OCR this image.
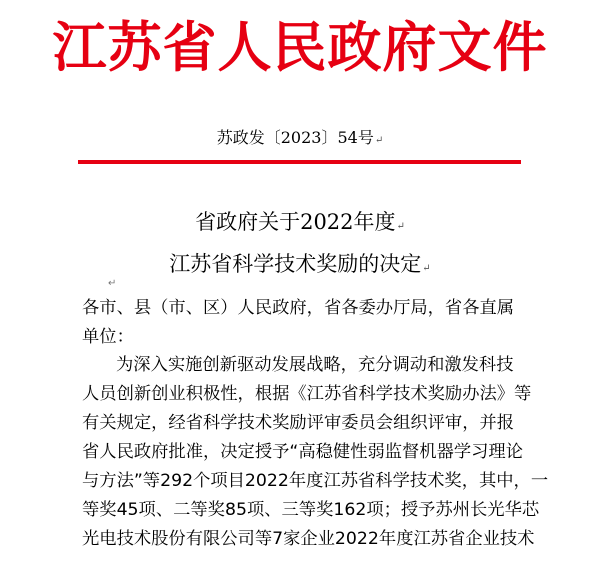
江苏省人民政府文件
苏政发〔2023〕54号↵
省政府关于2022年度↵
江苏省科学技术奖励的决定↵
↵
各市、县（市、区）人民政府，省各委办厅局，省各直属
单位：
为深入实施创新驱动发展战略，充分调动和激发科技
人员创新创业积极性，根据《江苏省科学技术奖励办法》等
有关规定，经省科学技术奖励评审委员会组织评审，并报
省人民政府批准，决定授予“高稳健性弱监督机器学习理论
与方法”等292个项目2022年度江苏省科学技术奖，其中，一
等奖45项、二等奖85项、三等奖162项；授予苏州长光华芯
光电技术股份有限公司等7家企业2022年度江苏省企业技术
